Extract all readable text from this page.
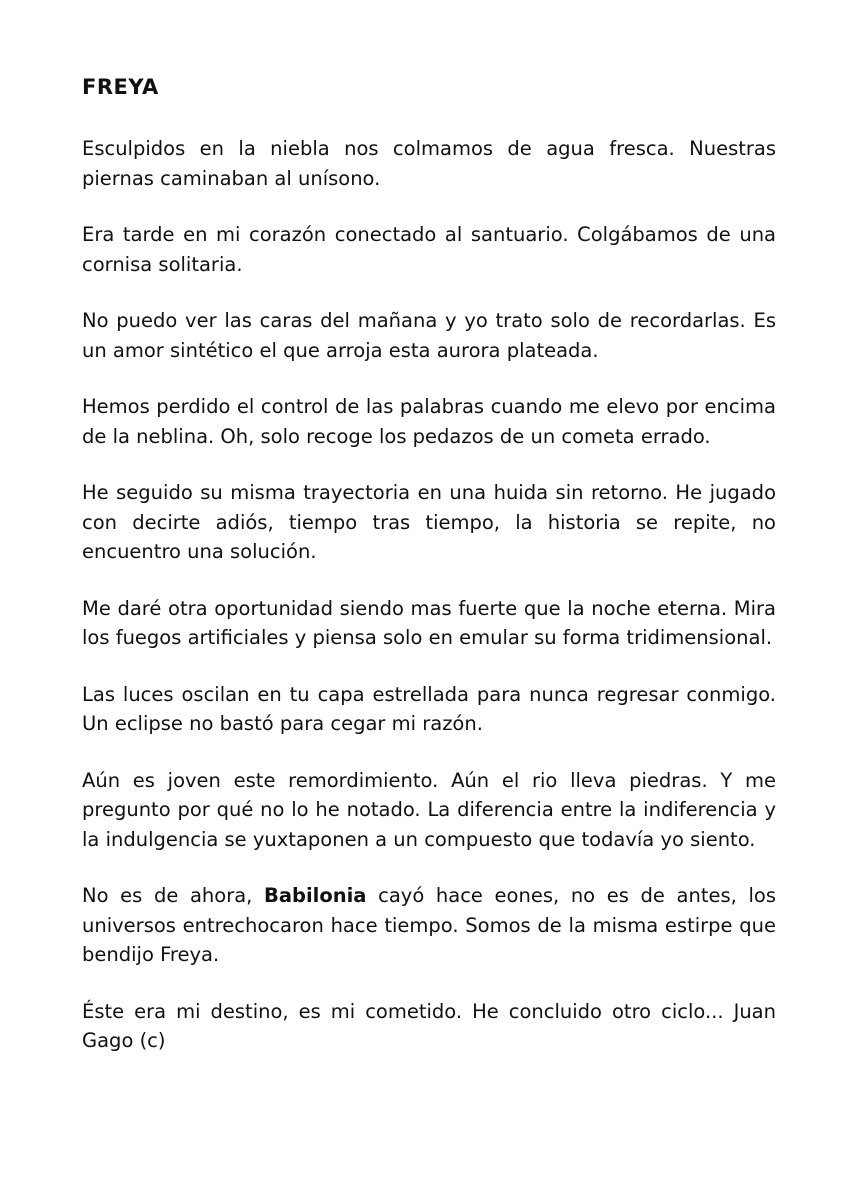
FREYA

Esculpidos en la niebla nos colmamos de agua fresca. Nuestras piernas caminaban al unísono.

Era tarde en mi corazón conectado al santuario. Colgábamos de una cornisa solitaria.

No puedo ver las caras del mañana y yo trato solo de recordarlas. Es un amor sintético el que arroja esta aurora plateada.

Hemos perdido el control de las palabras cuando me elevo por encima de la neblina. Oh, solo recoge los pedazos de un cometa errado.

He seguido su misma trayectoria en una huida sin retorno. He jugado con decirte adiós, tiempo tras tiempo, la historia se repite, no encuentro una solución.

Me daré otra oportunidad siendo mas fuerte que la noche eterna. Mira los fuegos artificiales y piensa solo en emular su forma tridimensional.

Las luces oscilan en tu capa estrellada para nunca regresar conmigo. Un eclipse no bastó para cegar mi razón.

Aún es joven este remordimiento. Aún el rio lleva piedras. Y me pregunto por qué no lo he notado. La diferencia entre la indiferencia y la indulgencia se yuxtaponen a un compuesto que todavía yo siento.

No es de ahora, Babilonia cayó hace eones, no es de antes, los universos entrechocaron hace tiempo. Somos de la misma estirpe que bendijo Freya.

Éste era mi destino, es mi cometido. He concluido otro ciclo... Juan Gago (c)
